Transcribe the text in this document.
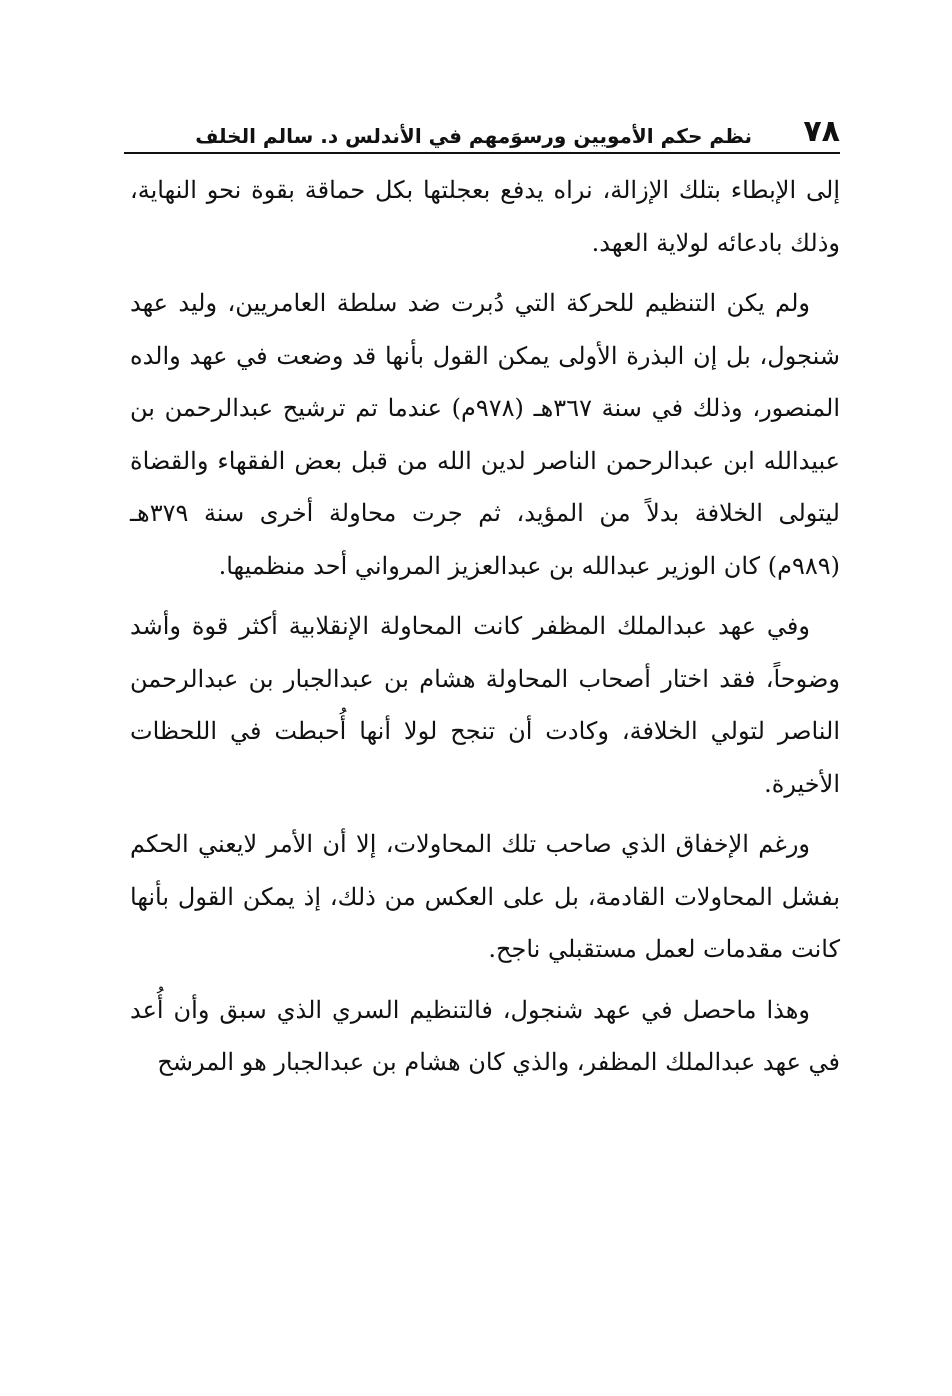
٧٨
نظم حكم الأمويين ورسوَمهم في الأندلس د. سالم الخلف

إلى الإبطاء بتلك الإزالة، نراه يدفع بعجلتها بكل حماقة بقوة نحو النهاية، وذلك بادعائه لولاية العهد.

ولم يكن التنظيم للحركة التي دُبرت ضد سلطة العامريين، وليد عهد شنجول، بل إن البذرة الأولى يمكن القول بأنها قد وضعت في عهد والده المنصور، وذلك في سنة ٣٦٧هـ (٩٧٨م) عندما تم ترشيح عبدالرحمن بن عبيدالله ابن عبدالرحمن الناصر لدين الله من قبل بعض الفقهاء والقضاة ليتولى الخلافة بدلاً من المؤيد، ثم جرت محاولة أخرى سنة ٣٧٩هـ (٩٨٩م) كان الوزير عبدالله بن عبدالعزيز المرواني أحد منظميها.

وفي عهد عبدالملك المظفر كانت المحاولة الإنقلابية أكثر قوة وأشد وضوحاً، فقد اختار أصحاب المحاولة هشام بن عبدالجبار بن عبدالرحمن الناصر لتولي الخلافة، وكادت أن تنجح لولا أنها أُحبطت في اللحظات الأخيرة.

ورغم الإخفاق الذي صاحب تلك المحاولات، إلا أن الأمر لايعني الحكم بفشل المحاولات القادمة، بل على العكس من ذلك، إذ يمكن القول بأنها كانت مقدمات لعمل مستقبلي ناجح.

وهذا ماحصل في عهد شنجول، فالتنظيم السري الذي سبق وأن أُعد في عهد عبدالملك المظفر، والذي كان هشام بن عبدالجبار هو المرشح
